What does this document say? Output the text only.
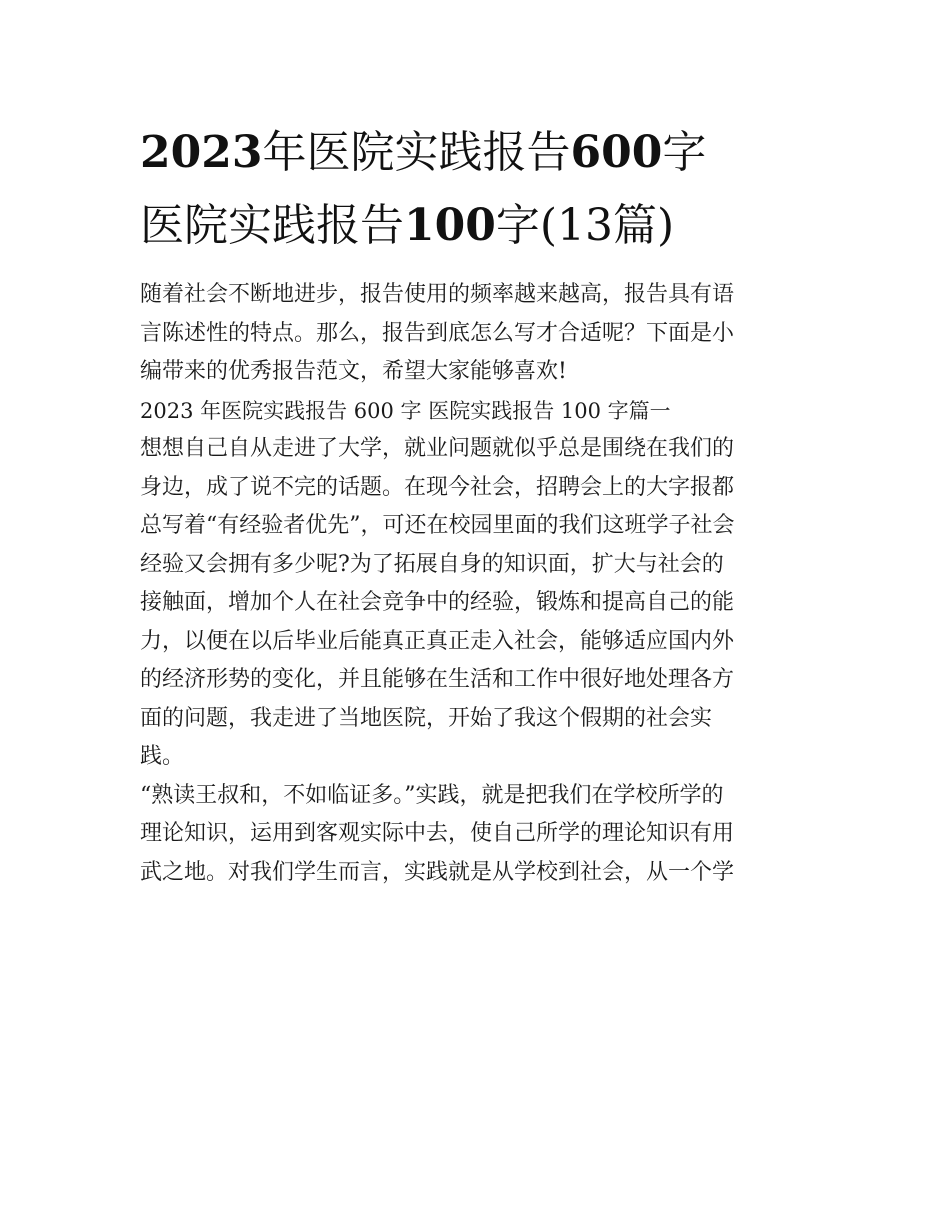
2023年医院实践报告600字
医院实践报告100字(13篇)

随着社会不断地进步，报告使用的频率越来越高，报告具有语
言陈述性的特点。那么，报告到底怎么写才合适呢？下面是小
编带来的优秀报告范文，希望大家能够喜欢!

2023 年医院实践报告 600 字 医院实践报告 100 字篇一

想想自己自从走进了大学，就业问题就似乎总是围绕在我们的
身边，成了说不完的话题。在现今社会，招聘会上的大字报都
总写着“有经验者优先”，可还在校园里面的我们这班学子社会
经验又会拥有多少呢?为了拓展自身的知识面，扩大与社会的
接触面，增加个人在社会竞争中的经验，锻炼和提高自己的能
力，以便在以后毕业后能真正真正走入社会，能够适应国内外
的经济形势的变化，并且能够在生活和工作中很好地处理各方
面的问题，我走进了当地医院，开始了我这个假期的社会实
践。

“熟读王叔和，不如临证多。”实践，就是把我们在学校所学的
理论知识，运用到客观实际中去，使自己所学的理论知识有用
武之地。对我们学生而言，实践就是从学校到社会，从一个学
